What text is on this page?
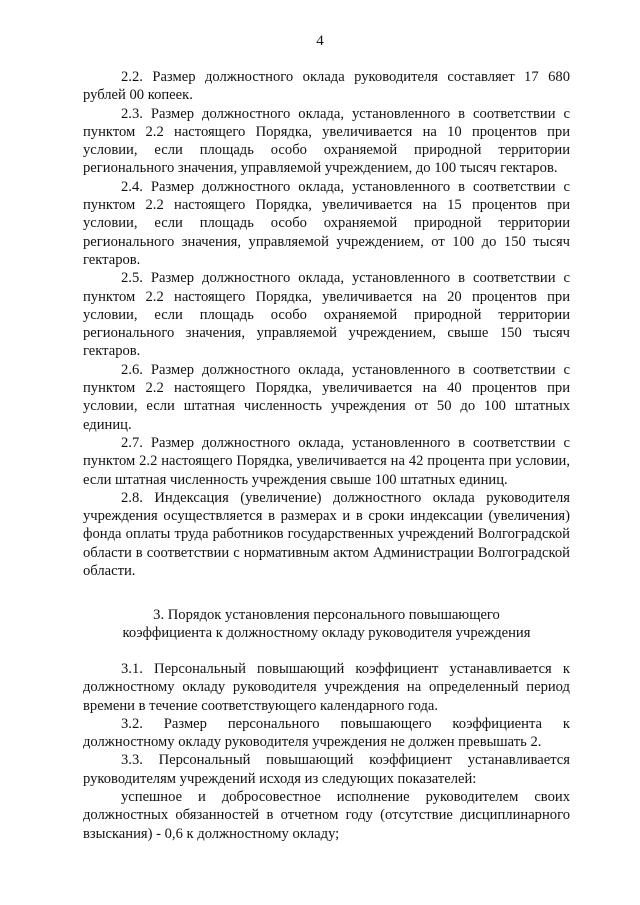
4

2.2. Размер должностного оклада руководителя составляет 17 680 рублей 00 копеек.

2.3. Размер должностного оклада, установленного в соответствии с пунктом 2.2 настоящего Порядка, увеличивается на 10 процентов при условии, если площадь особо охраняемой природной территории регионального значения, управляемой учреждением, до 100 тысяч гектаров.

2.4. Размер должностного оклада, установленного в соответствии с пунктом 2.2 настоящего Порядка, увеличивается на 15 процентов при условии, если площадь особо охраняемой природной территории регионального значения, управляемой учреждением, от 100 до 150 тысяч гектаров.

2.5. Размер должностного оклада, установленного в соответствии с пунктом 2.2 настоящего Порядка, увеличивается на 20 процентов при условии, если площадь особо охраняемой природной территории регионального значения, управляемой учреждением, свыше 150 тысяч гектаров.

2.6. Размер должностного оклада, установленного в соответствии с пунктом 2.2 настоящего Порядка, увеличивается на 40 процентов при условии, если штатная численность учреждения от 50 до 100 штатных единиц.

2.7. Размер должностного оклада, установленного в соответствии с пунктом 2.2 настоящего Порядка, увеличивается на 42 процента при условии, если штатная численность учреждения свыше 100 штатных единиц.

2.8. Индексация (увеличение) должностного оклада руководителя учреждения осуществляется в размерах и в сроки индексации (увеличения) фонда оплаты труда работников государственных учреждений Волгоградской области в соответствии с нормативным актом Администрации Волгоградской области.

3. Порядок установления персонального повышающего
коэффициента к должностному окладу руководителя учреждения

3.1. Персональный повышающий коэффициент устанавливается к должностному окладу руководителя учреждения на определенный период времени в течение соответствующего календарного года.

3.2. Размер персонального повышающего коэффициента к должностному окладу руководителя учреждения не должен превышать 2.

3.3. Персональный повышающий коэффициент устанавливается руководителям учреждений исходя из следующих показателей:

успешное и добросовестное исполнение руководителем своих должностных обязанностей в отчетном году (отсутствие дисциплинарного взыскания) - 0,6 к должностному окладу;
